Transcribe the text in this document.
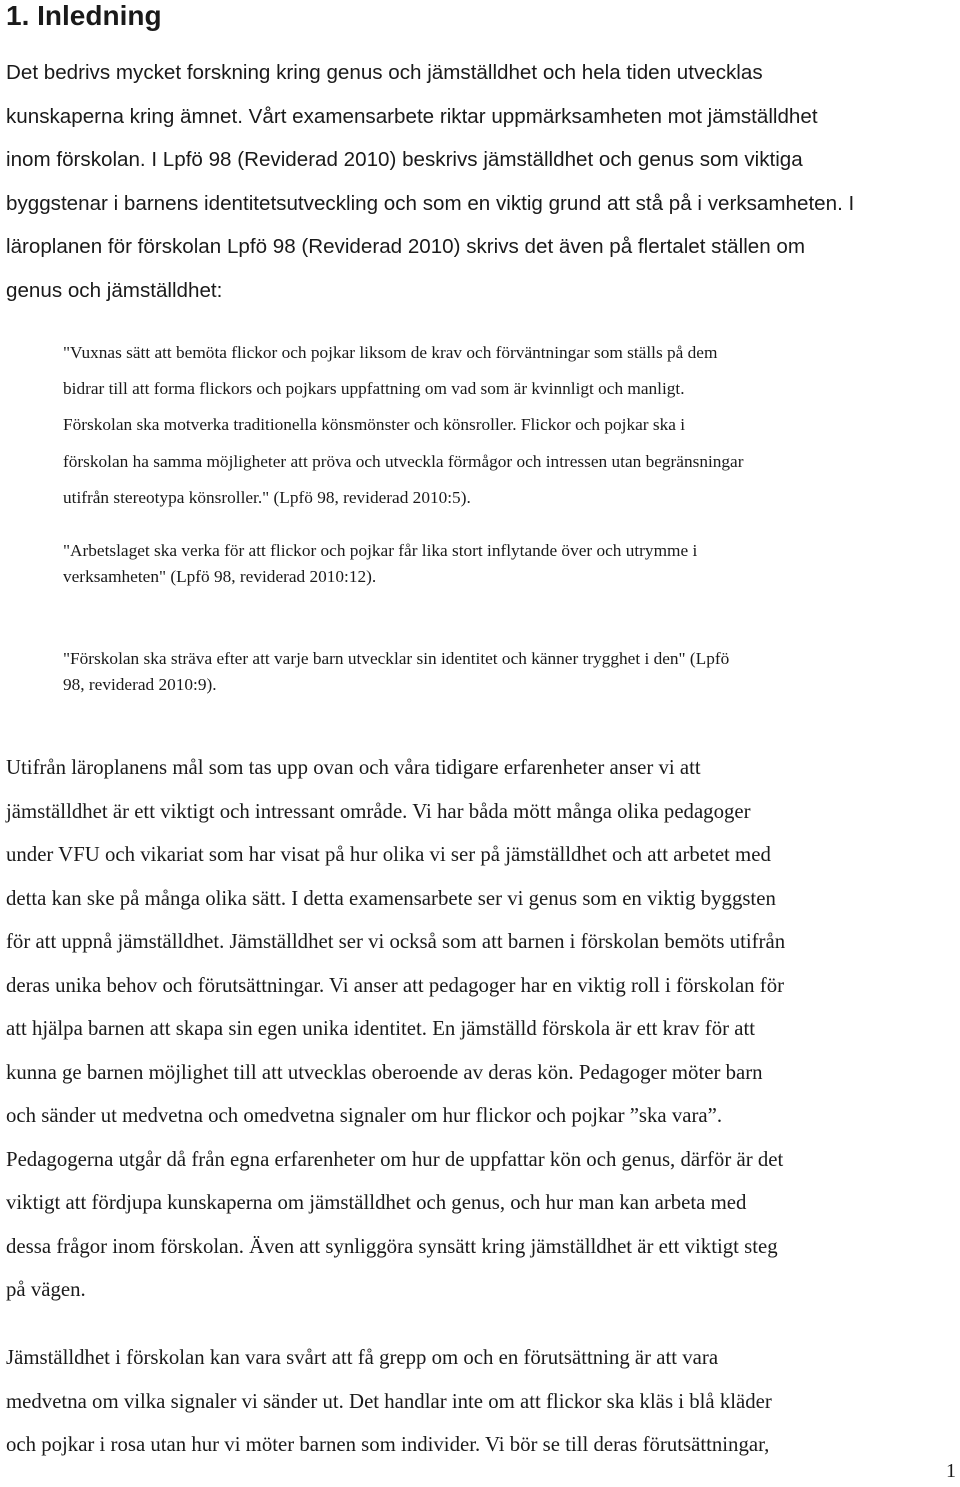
1. Inledning

Det bedrivs mycket forskning kring genus och jämställdhet och hela tiden utvecklas
kunskaperna kring ämnet. Vårt examensarbete riktar uppmärksamheten mot jämställdhet
inom förskolan. I Lpfö 98 (Reviderad 2010) beskrivs jämställdhet och genus som viktiga
byggstenar i barnens identitetsutveckling och som en viktig grund att stå på i verksamheten. I
läroplanen för förskolan Lpfö 98 (Reviderad 2010) skrivs det även på flertalet ställen om
genus och jämställdhet:

"Vuxnas sätt att bemöta flickor och pojkar liksom de krav och förväntningar som ställs på dem
bidrar till att forma flickors och pojkars uppfattning om vad som är kvinnligt och manligt.
Förskolan ska motverka traditionella könsmönster och könsroller. Flickor och pojkar ska i
förskolan ha samma möjligheter att pröva och utveckla förmågor och intressen utan begränsningar
utifrån stereotypa könsroller." (Lpfö 98, reviderad 2010:5).

"Arbetslaget ska verka för att flickor och pojkar får lika stort inflytande över och utrymme i
verksamheten" (Lpfö 98, reviderad 2010:12).

"Förskolan ska sträva efter att varje barn utvecklar sin identitet och känner trygghet i den" (Lpfö
98, reviderad 2010:9).

Utifrån läroplanens mål som tas upp ovan och våra tidigare erfarenheter anser vi att
jämställdhet är ett viktigt och intressant område. Vi har båda mött många olika pedagoger
under VFU och vikariat som har visat på hur olika vi ser på jämställdhet och att arbetet med
detta kan ske på många olika sätt. I detta examensarbete ser vi genus som en viktig byggsten
för att uppnå jämställdhet. Jämställdhet ser vi också som att barnen i förskolan bemöts utifrån
deras unika behov och förutsättningar. Vi anser att pedagoger har en viktig roll i förskolan för
att hjälpa barnen att skapa sin egen unika identitet. En jämställd förskola är ett krav för att
kunna ge barnen möjlighet till att utvecklas oberoende av deras kön. Pedagoger möter barn
och sänder ut medvetna och omedvetna signaler om hur flickor och pojkar ”ska vara”.
Pedagogerna utgår då från egna erfarenheter om hur de uppfattar kön och genus, därför är det
viktigt att fördjupa kunskaperna om jämställdhet och genus, och hur man kan arbeta med
dessa frågor inom förskolan. Även att synliggöra synsätt kring jämställdhet är ett viktigt steg
på vägen.

Jämställdhet i förskolan kan vara svårt att få grepp om och en förutsättning är att vara
medvetna om vilka signaler vi sänder ut. Det handlar inte om att flickor ska kläs i blå kläder
och pojkar i rosa utan hur vi möter barnen som individer. Vi bör se till deras förutsättningar,

1
